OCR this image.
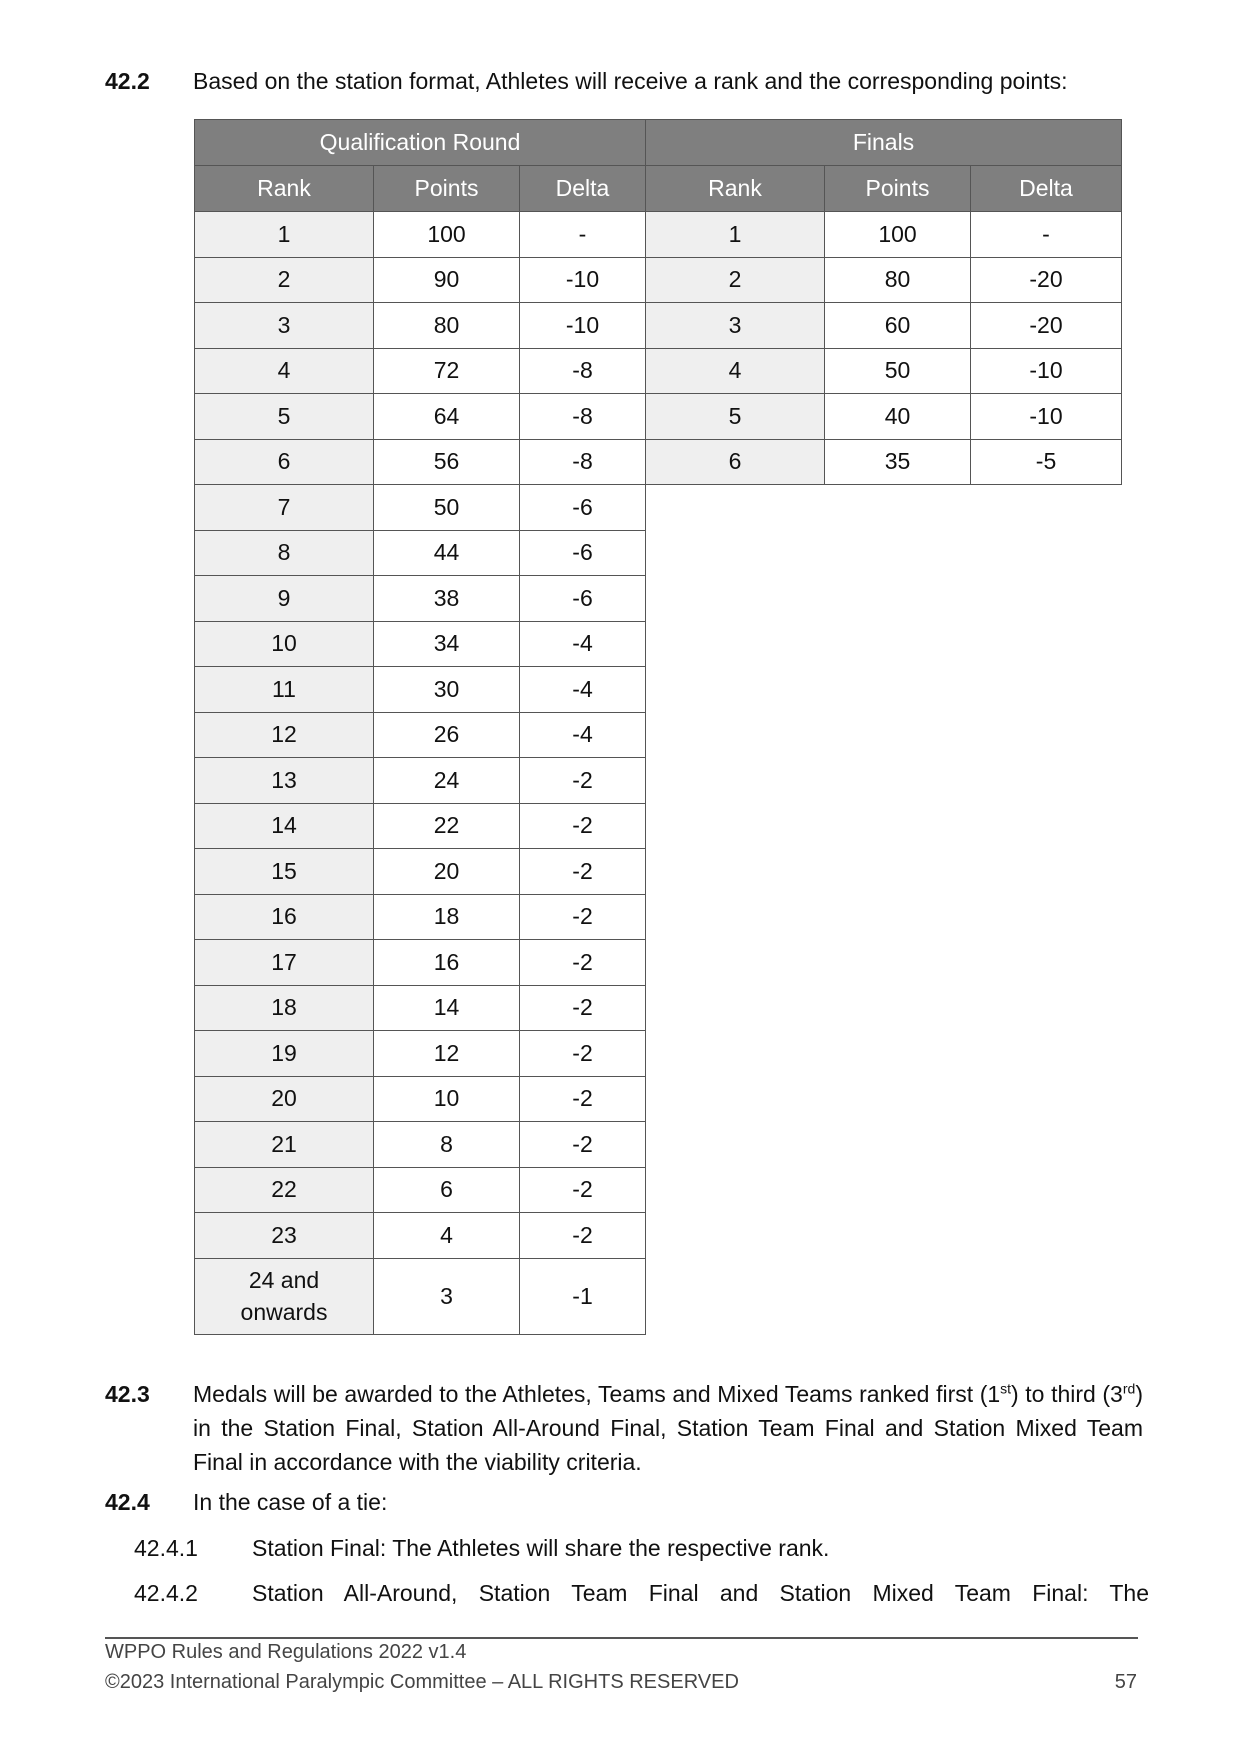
42.2 Based on the station format, Athletes will receive a rank and the corresponding points:
Qualification Round		
Rank	Points	Delta
1	100	-
2	90	-10
3	80	-10
4	72	-8
5	64	-8
6	56	-8
7	50	-6
8	44	-6
9	38	-6
10	34	-4
11	30	-4
12	26	-4
13	24	-2
14	22	-2
15	20	-2
16	18	-2
17	16	-2
18	14	-2
19	12	-2
20	10	-2
21	8	-2
22	6	-2
23	4	-2

24 and
onwards	3	-1
Finals		
Rank	Points	Delta
1	100	-
2	80	-20
3	60	-20
4	50	-10
5	40	-10
6	35	-5
42.3 Medals will be awarded to the Athletes, Teams and Mixed Teams ranked first (1st) to third (3rd) in the Station Final, Station All-Around Final, Station Team Final and Station Mixed Team Final in accordance with the viability criteria.
42.4 In the case of a tie:
42.4.1 Station Final: The Athletes will share the respective rank.
42.4.2 Station All-Around, Station Team Final and Station Mixed Team Final: The
WPPO Rules and Regulations 2022 v1.4
©2023 International Paralympic Committee – ALL RIGHTS RESERVED	57
